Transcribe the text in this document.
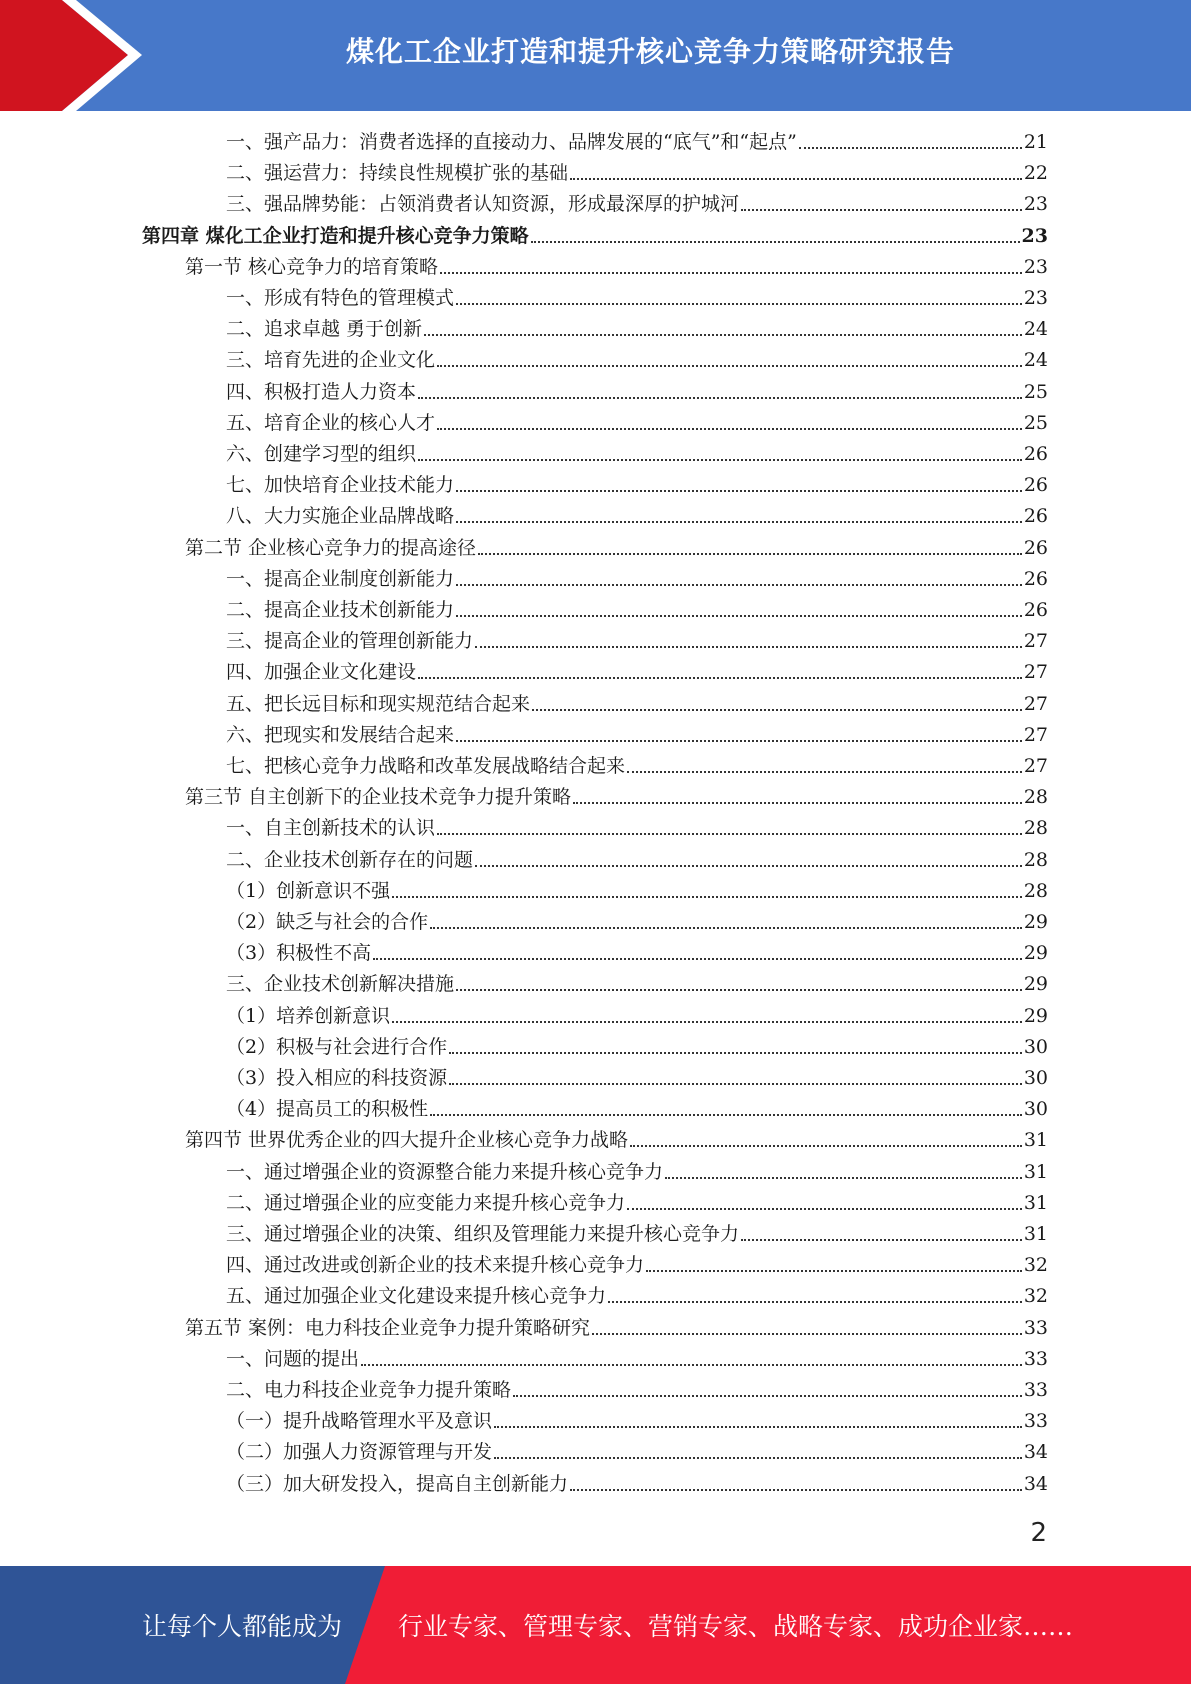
煤化工企业打造和提升核心竞争力策略研究报告
一、强产品力：消费者选择的直接动力、品牌发展的“底气”和“起点”	21
二、强运营力：持续良性规模扩张的基础	22
三、强品牌势能：占领消费者认知资源，形成最深厚的护城河	23
第四章 煤化工企业打造和提升核心竞争力策略	23
第一节 核心竞争力的培育策略	23
一、形成有特色的管理模式	23
二、追求卓越 勇于创新	24
三、培育先进的企业文化	24
四、积极打造人力资本	25
五、培育企业的核心人才	25
六、创建学习型的组织	26
七、加快培育企业技术能力	26
八、大力实施企业品牌战略	26
第二节 企业核心竞争力的提高途径	26
一、提高企业制度创新能力	26
二、提高企业技术创新能力	26
三、提高企业的管理创新能力	27
四、加强企业文化建设	27
五、把长远目标和现实规范结合起来	27
六、把现实和发展结合起来	27
七、把核心竞争力战略和改革发展战略结合起来	27
第三节 自主创新下的企业技术竞争力提升策略	28
一、自主创新技术的认识	28
二、企业技术创新存在的问题	28
（1）创新意识不强	28
（2）缺乏与社会的合作	29
（3）积极性不高	29
三、企业技术创新解决措施	29
（1）培养创新意识	29
（2）积极与社会进行合作	30
（3）投入相应的科技资源	30
（4）提高员工的积极性	30
第四节 世界优秀企业的四大提升企业核心竞争力战略	31
一、通过增强企业的资源整合能力来提升核心竞争力	31
二、通过增强企业的应变能力来提升核心竞争力	31
三、通过增强企业的决策、组织及管理能力来提升核心竞争力	31
四、通过改进或创新企业的技术来提升核心竞争力	32
五、通过加强企业文化建设来提升核心竞争力	32
第五节 案例：电力科技企业竞争力提升策略研究	33
一、问题的提出	33
二、电力科技企业竞争力提升策略	33
（一）提升战略管理水平及意识	33
（二）加强人力资源管理与开发	34
（三）加大研发投入，提高自主创新能力	34
2
让每个人都能成为 行业专家、管理专家、营销专家、战略专家、成功企业家……
